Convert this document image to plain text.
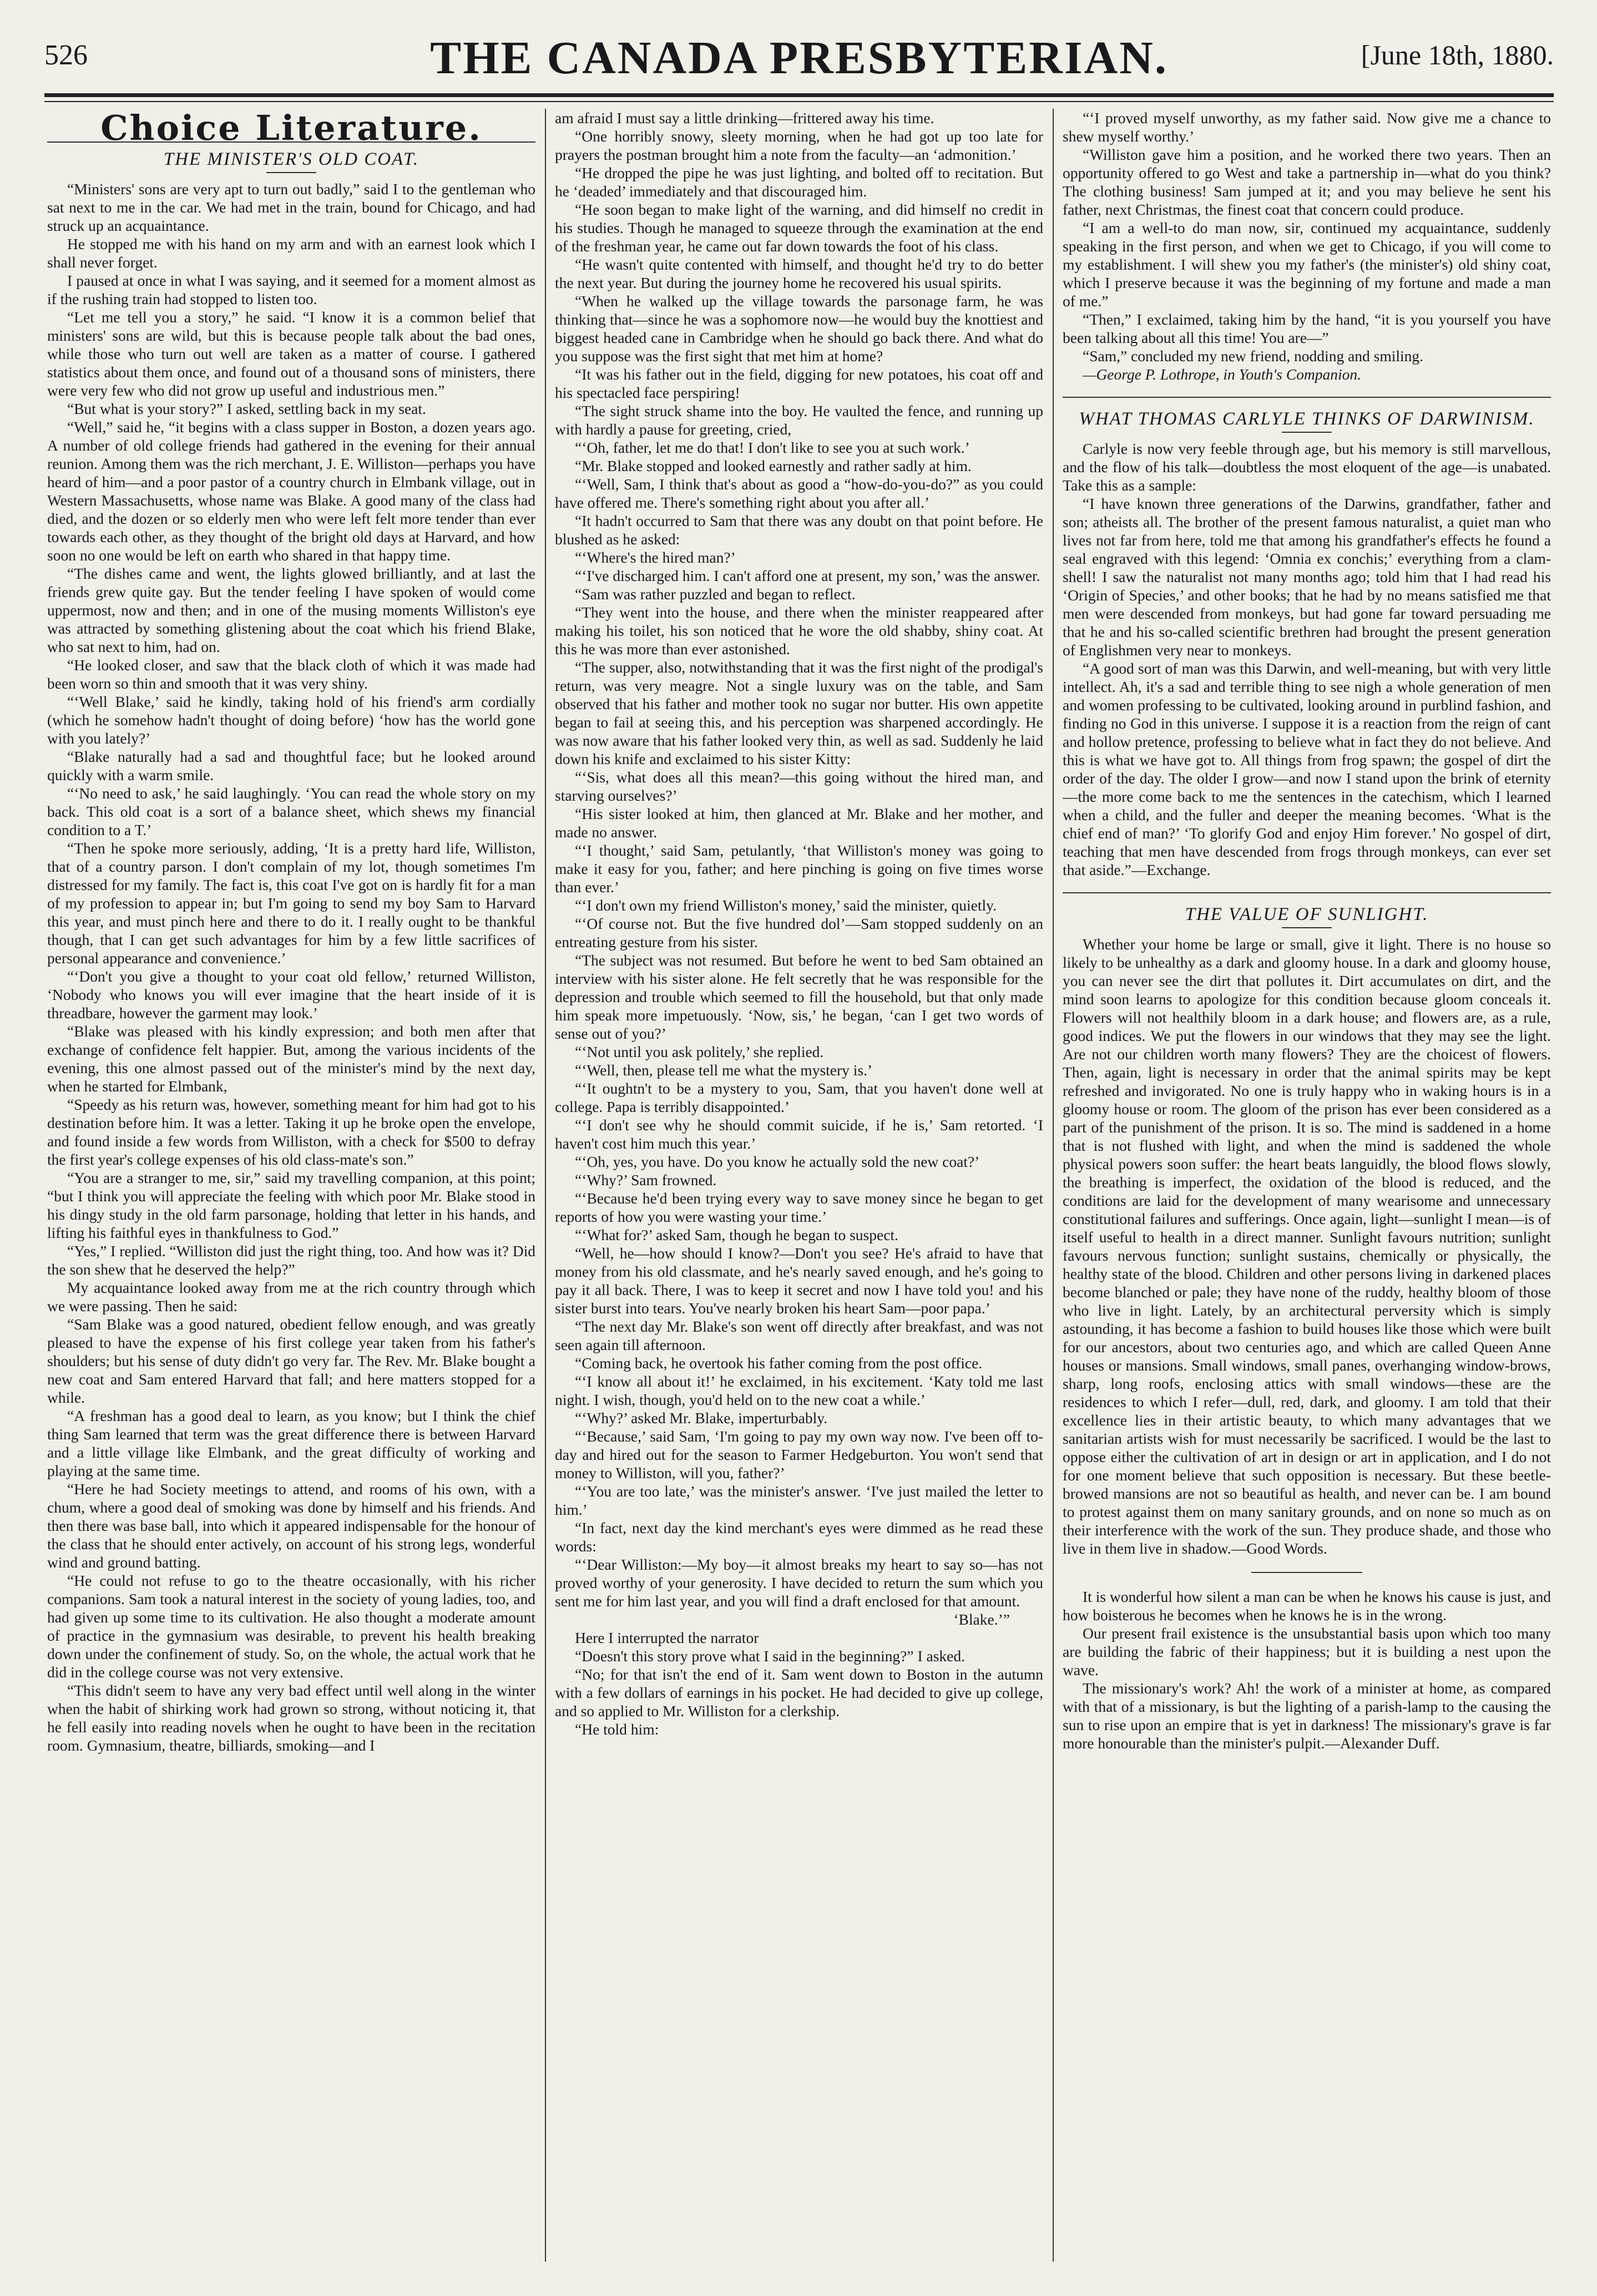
526	THE CANADA PRESBYTERIAN.	[June 18th, 1880.
Choice Literature.
THE MINISTER'S OLD COAT.

“Ministers' sons are very apt to turn out badly,” said I to the gentleman who sat next to me in the car. We had met in the train, bound for Chicago, and had struck up an acquaintance.

He stopped me with his hand on my arm and with an earnest look which I shall never forget.

I paused at once in what I was saying, and it seemed for a moment almost as if the rushing train had stopped to listen too.

“Let me tell you a story,” he said. “I know it is a common belief that ministers' sons are wild, but this is because people talk about the bad ones, while those who turn out well are taken as a matter of course. I gathered statistics about them once, and found out of a thousand sons of ministers, there were very few who did not grow up useful and industrious men.”

“But what is your story?” I asked, settling back in my seat.

“Well,” said he, “it begins with a class supper in Boston, a dozen years ago. A number of old college friends had gathered in the evening for their annual reunion. Among them was the rich merchant, J. E. Williston—perhaps you have heard of him—and a poor pastor of a country church in Elmbank village, out in Western Massachusetts, whose name was Blake. A good many of the class had died, and the dozen or so elderly men who were left felt more tender than ever towards each other, as they thought of the bright old days at Harvard, and how soon no one would be left on earth who shared in that happy time.

“The dishes came and went, the lights glowed brilliantly, and at last the friends grew quite gay. But the tender feeling I have spoken of would come uppermost, now and then; and in one of the musing moments Williston's eye was attracted by something glistening about the coat which his friend Blake, who sat next to him, had on.

“He looked closer, and saw that the black cloth of which it was made had been worn so thin and smooth that it was very shiny.

“‘Well Blake,’ said he kindly, taking hold of his friend's arm cordially (which he somehow hadn't thought of doing before) ‘how has the world gone with you lately?’

“Blake naturally had a sad and thoughtful face; but he looked around quickly with a warm smile.

“‘No need to ask,’ he said laughingly. ‘You can read the whole story on my back. This old coat is a sort of a balance sheet, which shews my financial condition to a T.’

“Then he spoke more seriously, adding, ‘It is a pretty hard life, Williston, that of a country parson. I don't complain of my lot, though sometimes I'm distressed for my family. The fact is, this coat I've got on is hardly fit for a man of my profession to appear in; but I'm going to send my boy Sam to Harvard this year, and must pinch here and there to do it. I really ought to be thankful though, that I can get such advantages for him by a few little sacrifices of personal appearance and convenience.’

“‘Don't you give a thought to your coat old fellow,’ returned Williston, ‘Nobody who knows you will ever imagine that the heart inside of it is threadbare, however the garment may look.’

“Blake was pleased with his kindly expression; and both men after that exchange of confidence felt happier. But, among the various incidents of the evening, this one almost passed out of the minister's mind by the next day, when he started for Elmbank,

“Speedy as his return was, however, something meant for him had got to his destination before him. It was a letter. Taking it up he broke open the envelope, and found inside a few words from Williston, with a check for $500 to defray the first year's college expenses of his old class-mate's son.”

“You are a stranger to me, sir,” said my travelling companion, at this point; “but I think you will appreciate the feeling with which poor Mr. Blake stood in his dingy study in the old farm parsonage, holding that letter in his hands, and lifting his faithful eyes in thankfulness to God.”

“Yes,” I replied. “Williston did just the right thing, too. And how was it? Did the son shew that he deserved the help?”

My acquaintance looked away from me at the rich country through which we were passing. Then he said:

“Sam Blake was a good natured, obedient fellow enough, and was greatly pleased to have the expense of his first college year taken from his father's shoulders; but his sense of duty didn't go very far. The Rev. Mr. Blake bought a new coat and Sam entered Harvard that fall; and here matters stopped for a while.

“A freshman has a good deal to learn, as you know; but I think the chief thing Sam learned that term was the great difference there is between Harvard and a little village like Elmbank, and the great difficulty of working and playing at the same time.

“Here he had Society meetings to attend, and rooms of his own, with a chum, where a good deal of smoking was done by himself and his friends. And then there was base ball, into which it appeared indispensable for the honour of the class that he should enter actively, on account of his strong legs, wonderful wind and ground batting.

“He could not refuse to go to the theatre occasionally, with his richer companions. Sam took a natural interest in the society of young ladies, too, and had given up some time to its cultivation. He also thought a moderate amount of practice in the gymnasium was desirable, to prevent his health breaking down under the confinement of study. So, on the whole, the actual work that he did in the college course was not very extensive.

“This didn't seem to have any very bad effect until well along in the winter when the habit of shirking work had grown so strong, without noticing it, that he fell easily into reading novels when he ought to have been in the recitation room. Gymnasium, theatre, billiards, smoking—and I

am afraid I must say a little drinking—frittered away his time.

“One horribly snowy, sleety morning, when he had got up too late for prayers the postman brought him a note from the faculty—an ‘admonition.’

“He dropped the pipe he was just lighting, and bolted off to recitation. But he ‘deaded’ immediately and that discouraged him.

“He soon began to make light of the warning, and did himself no credit in his studies. Though he managed to squeeze through the examination at the end of the freshman year, he came out far down towards the foot of his class.

“He wasn't quite contented with himself, and thought he'd try to do better the next year. But during the journey home he recovered his usual spirits.

“When he walked up the village towards the parsonage farm, he was thinking that—since he was a sophomore now—he would buy the knottiest and biggest headed cane in Cambridge when he should go back there. And what do you suppose was the first sight that met him at home?

“It was his father out in the field, digging for new potatoes, his coat off and his spectacled face perspiring!

“The sight struck shame into the boy. He vaulted the fence, and running up with hardly a pause for greeting, cried,

“‘Oh, father, let me do that! I don't like to see you at such work.’

“Mr. Blake stopped and looked earnestly and rather sadly at him.

“‘Well, Sam, I think that's about as good a “how-do-you-do?” as you could have offered me. There's something right about you after all.’

“It hadn't occurred to Sam that there was any doubt on that point before. He blushed as he asked:

“‘Where's the hired man?’

“‘I've discharged him. I can't afford one at present, my son,’ was the answer.

“Sam was rather puzzled and began to reflect.

“They went into the house, and there when the minister reappeared after making his toilet, his son noticed that he wore the old shabby, shiny coat. At this he was more than ever astonished.

“The supper, also, notwithstanding that it was the first night of the prodigal's return, was very meagre. Not a single luxury was on the table, and Sam observed that his father and mother took no sugar nor butter. His own appetite began to fail at seeing this, and his perception was sharpened accordingly. He was now aware that his father looked very thin, as well as sad. Suddenly he laid down his knife and exclaimed to his sister Kitty:

“‘Sis, what does all this mean?—this going without the hired man, and starving ourselves?’

“His sister looked at him, then glanced at Mr. Blake and her mother, and made no answer.

“‘I thought,’ said Sam, petulantly, ‘that Williston's money was going to make it easy for you, father; and here pinching is going on five times worse than ever.’

“‘I don't own my friend Williston's money,’ said the minister, quietly.

“‘Of course not. But the five hundred dol’—Sam stopped suddenly on an entreating gesture from his sister.

“The subject was not resumed. But before he went to bed Sam obtained an interview with his sister alone. He felt secretly that he was responsible for the depression and trouble which seemed to fill the household, but that only made him speak more impetuously. ‘Now, sis,’ he began, ‘can I get two words of sense out of you?’

“‘Not until you ask politely,’ she replied.

“‘Well, then, please tell me what the mystery is.’

“‘It oughtn't to be a mystery to you, Sam, that you haven't done well at college. Papa is terribly disappointed.’

“‘I don't see why he should commit suicide, if he is,’ Sam retorted. ‘I haven't cost him much this year.’

“‘Oh, yes, you have. Do you know he actually sold the new coat?’

“‘Why?’ Sam frowned.

“‘Because he'd been trying every way to save money since he began to get reports of how you were wasting your time.’

“‘What for?’ asked Sam, though he began to suspect.

“Well, he—how should I know?—Don't you see? He's afraid to have that money from his old classmate, and he's nearly saved enough, and he's going to pay it all back. There, I was to keep it secret and now I have told you! and his sister burst into tears. You've nearly broken his heart Sam—poor papa.’

“The next day Mr. Blake's son went off directly after breakfast, and was not seen again till afternoon.

“Coming back, he overtook his father coming from the post office.

“‘I know all about it!’ he exclaimed, in his excitement. ‘Katy told me last night. I wish, though, you'd held on to the new coat a while.’

“‘Why?’ asked Mr. Blake, imperturbably.

“‘Because,’ said Sam, ‘I'm going to pay my own way now. I've been off to-day and hired out for the season to Farmer Hedgeburton. You won't send that money to Williston, will you, father?’

“‘You are too late,’ was the minister's answer. ‘I've just mailed the letter to him.’

“In fact, next day the kind merchant's eyes were dimmed as he read these words:

“‘Dear Williston:—My boy—it almost breaks my heart to say so—has not proved worthy of your generosity. I have decided to return the sum which you sent me for him last year, and you will find a draft enclosed for that amount.

‘Blake.’”

Here I interrupted the narrator

“Doesn't this story prove what I said in the beginning?” I asked.

“No; for that isn't the end of it. Sam went down to Boston in the autumn with a few dollars of earnings in his pocket. He had decided to give up college, and so applied to Mr. Williston for a clerkship.

“He told him:

“‘I proved myself unworthy, as my father said. Now give me a chance to shew myself worthy.’

“Williston gave him a position, and he worked there two years. Then an opportunity offered to go West and take a partnership in—what do you think? The clothing business! Sam jumped at it; and you may believe he sent his father, next Christmas, the finest coat that concern could produce.

“I am a well-to do man now, sir, continued my acquaintance, suddenly speaking in the first person, and when we get to Chicago, if you will come to my establishment. I will shew you my father's (the minister's) old shiny coat, which I preserve because it was the beginning of my fortune and made a man of me.”

“Then,” I exclaimed, taking him by the hand, “it is you yourself you have been talking about all this time! You are—”

“Sam,” concluded my new friend, nodding and smiling.

—George P. Lothrope, in Youth's Companion.

WHAT THOMAS CARLYLE THINKS OF DARWINISM.

Carlyle is now very feeble through age, but his memory is still marvellous, and the flow of his talk—doubtless the most eloquent of the age—is unabated. Take this as a sample:

“I have known three generations of the Darwins, grandfather, father and son; atheists all. The brother of the present famous naturalist, a quiet man who lives not far from here, told me that among his grandfather's effects he found a seal engraved with this legend: ‘Omnia ex conchis;’ everything from a clam-shell! I saw the naturalist not many months ago; told him that I had read his ‘Origin of Species,’ and other books; that he had by no means satisfied me that men were descended from monkeys, but had gone far toward persuading me that he and his so-called scientific brethren had brought the present generation of Englishmen very near to monkeys.

“A good sort of man was this Darwin, and well-meaning, but with very little intellect. Ah, it's a sad and terrible thing to see nigh a whole generation of men and women professing to be cultivated, looking around in purblind fashion, and finding no God in this universe. I suppose it is a reaction from the reign of cant and hollow pretence, professing to believe what in fact they do not believe. And this is what we have got to. All things from frog spawn; the gospel of dirt the order of the day. The older I grow—and now I stand upon the brink of eternity—the more come back to me the sentences in the catechism, which I learned when a child, and the fuller and deeper the meaning becomes. ‘What is the chief end of man?’ ‘To glorify God and enjoy Him forever.’ No gospel of dirt, teaching that men have descended from frogs through monkeys, can ever set that aside.”—Exchange.

THE VALUE OF SUNLIGHT.

Whether your home be large or small, give it light. There is no house so likely to be unhealthy as a dark and gloomy house. In a dark and gloomy house, you can never see the dirt that pollutes it. Dirt accumulates on dirt, and the mind soon learns to apologize for this condition because gloom conceals it. Flowers will not healthily bloom in a dark house; and flowers are, as a rule, good indices. We put the flowers in our windows that they may see the light. Are not our children worth many flowers? They are the choicest of flowers. Then, again, light is necessary in order that the animal spirits may be kept refreshed and invigorated. No one is truly happy who in waking hours is in a gloomy house or room. The gloom of the prison has ever been considered as a part of the punishment of the prison. It is so. The mind is saddened in a home that is not flushed with light, and when the mind is saddened the whole physical powers soon suffer: the heart beats languidly, the blood flows slowly, the breathing is imperfect, the oxidation of the blood is reduced, and the conditions are laid for the development of many wearisome and unnecessary constitutional failures and sufferings. Once again, light—sunlight I mean—is of itself useful to health in a direct manner. Sunlight favours nutrition; sunlight favours nervous function; sunlight sustains, chemically or physically, the healthy state of the blood. Children and other persons living in darkened places become blanched or pale; they have none of the ruddy, healthy bloom of those who live in light. Lately, by an architectural perversity which is simply astounding, it has become a fashion to build houses like those which were built for our ancestors, about two centuries ago, and which are called Queen Anne houses or mansions. Small windows, small panes, overhanging window-brows, sharp, long roofs, enclosing attics with small windows—these are the residences to which I refer—dull, red, dark, and gloomy. I am told that their excellence lies in their artistic beauty, to which many advantages that we sanitarian artists wish for must necessarily be sacrificed. I would be the last to oppose either the cultivation of art in design or art in application, and I do not for one moment believe that such opposition is necessary. But these beetle-browed mansions are not so beautiful as health, and never can be. I am bound to protest against them on many sanitary grounds, and on none so much as on their interference with the work of the sun. They produce shade, and those who live in them live in shadow.—Good Words.

It is wonderful how silent a man can be when he knows his cause is just, and how boisterous he becomes when he knows he is in the wrong.

Our present frail existence is the unsubstantial basis upon which too many are building the fabric of their happiness; but it is building a nest upon the wave.

The missionary's work? Ah! the work of a minister at home, as compared with that of a missionary, is but the lighting of a parish-lamp to the causing the sun to rise upon an empire that is yet in darkness! The missionary's grave is far more honourable than the minister's pulpit.—Alexander Duff.
